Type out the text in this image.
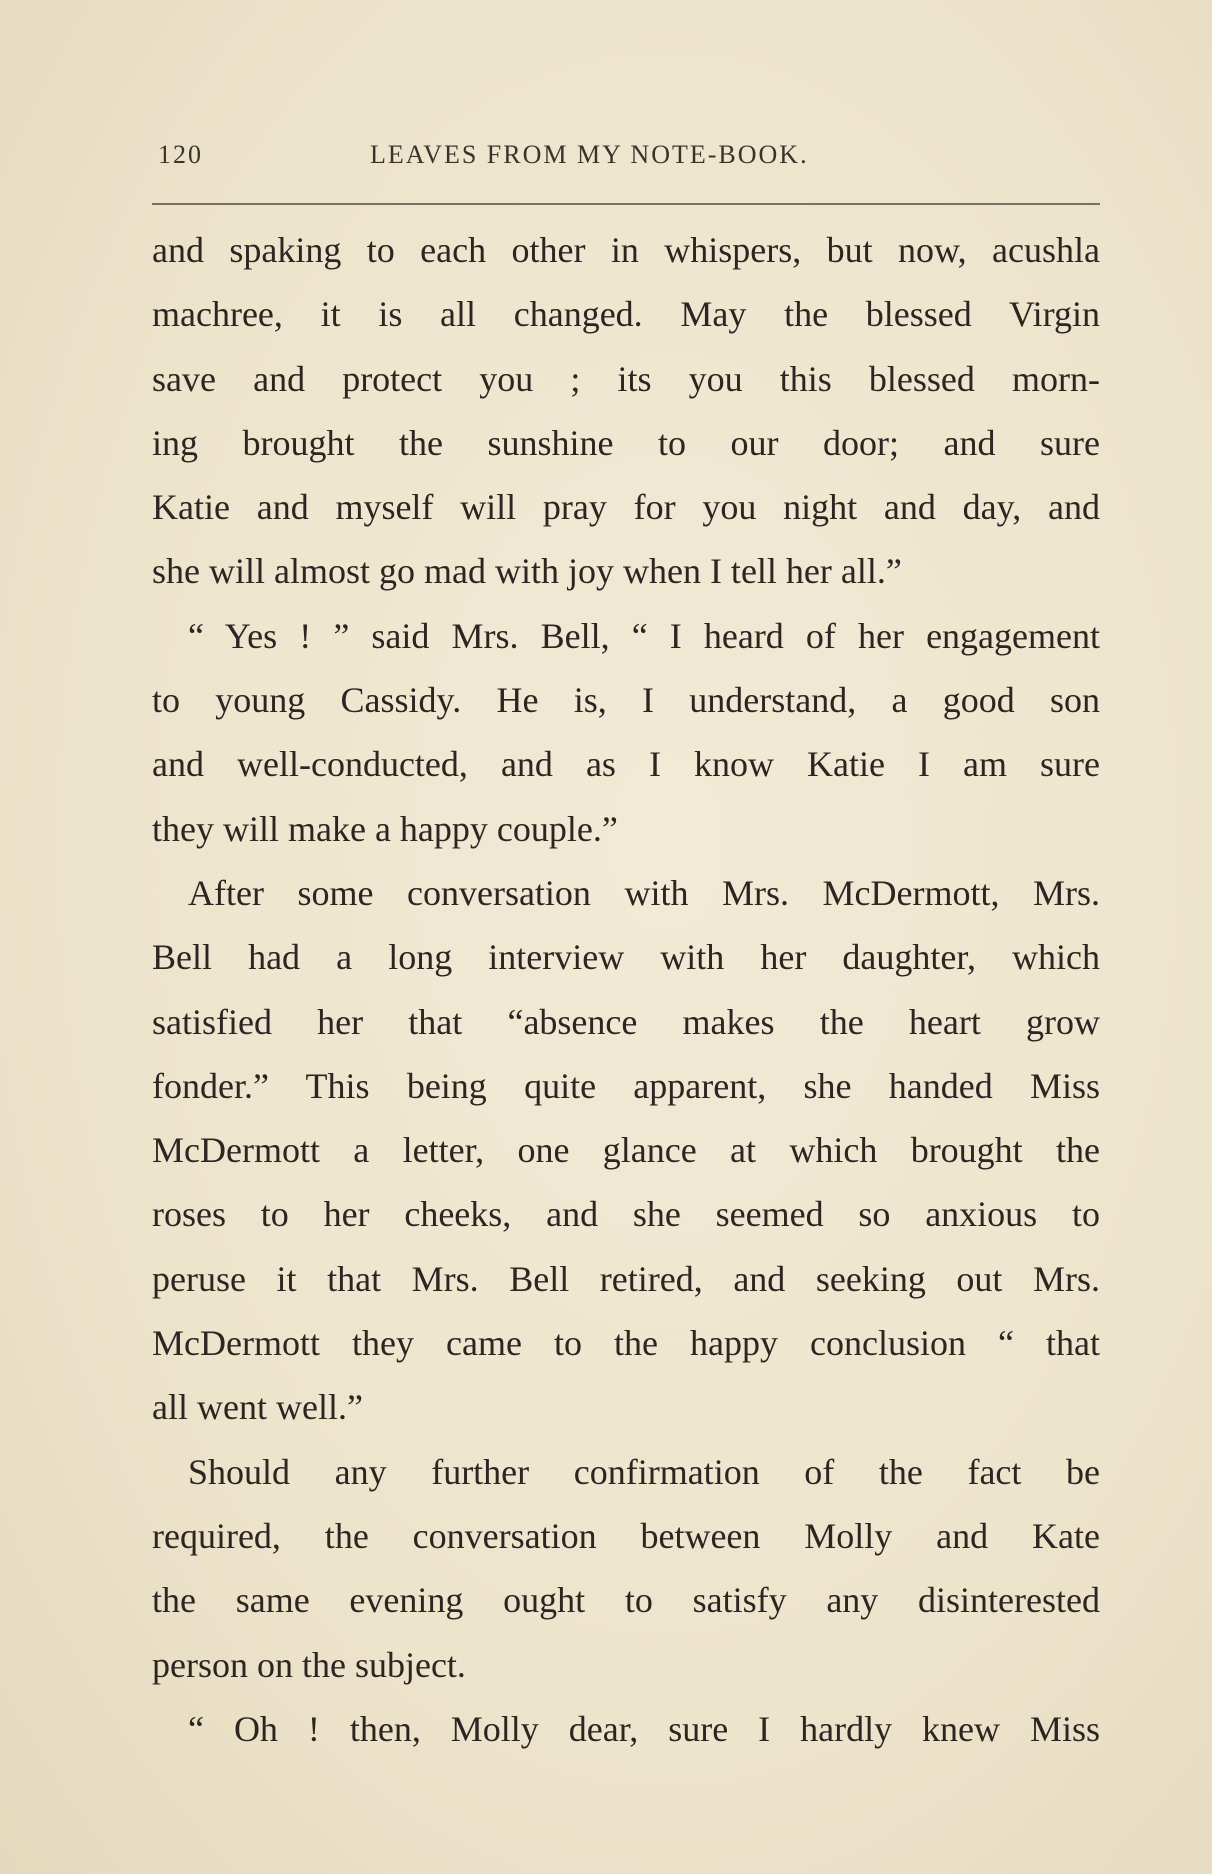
120	LEAVES FROM MY NOTE-BOOK.
and spaking to each other in whispers, but now, acushla
machree, it is all changed. May the blessed Virgin
save and protect you ; its you this blessed morn-
ing brought the sunshine to our door; and sure
Katie and myself will pray for you night and day, and
she will almost go mad with joy when I tell her all.”
“ Yes ! ” said Mrs. Bell, “ I heard of her engagement
to young Cassidy. He is, I understand, a good son
and well-conducted, and as I know Katie I am sure
they will make a happy couple.”
After some conversation with Mrs. McDermott, Mrs.
Bell had a long interview with her daughter, which
satisfied her that “absence makes the heart grow
fonder.” This being quite apparent, she handed Miss
McDermott a letter, one glance at which brought the
roses to her cheeks, and she seemed so anxious to
peruse it that Mrs. Bell retired, and seeking out Mrs.
McDermott they came to the happy conclusion “ that
all went well.”
Should any further confirmation of the fact be
required, the conversation between Molly and Kate
the same evening ought to satisfy any disinterested
person on the subject.
“ Oh ! then, Molly dear, sure I hardly knew Miss
